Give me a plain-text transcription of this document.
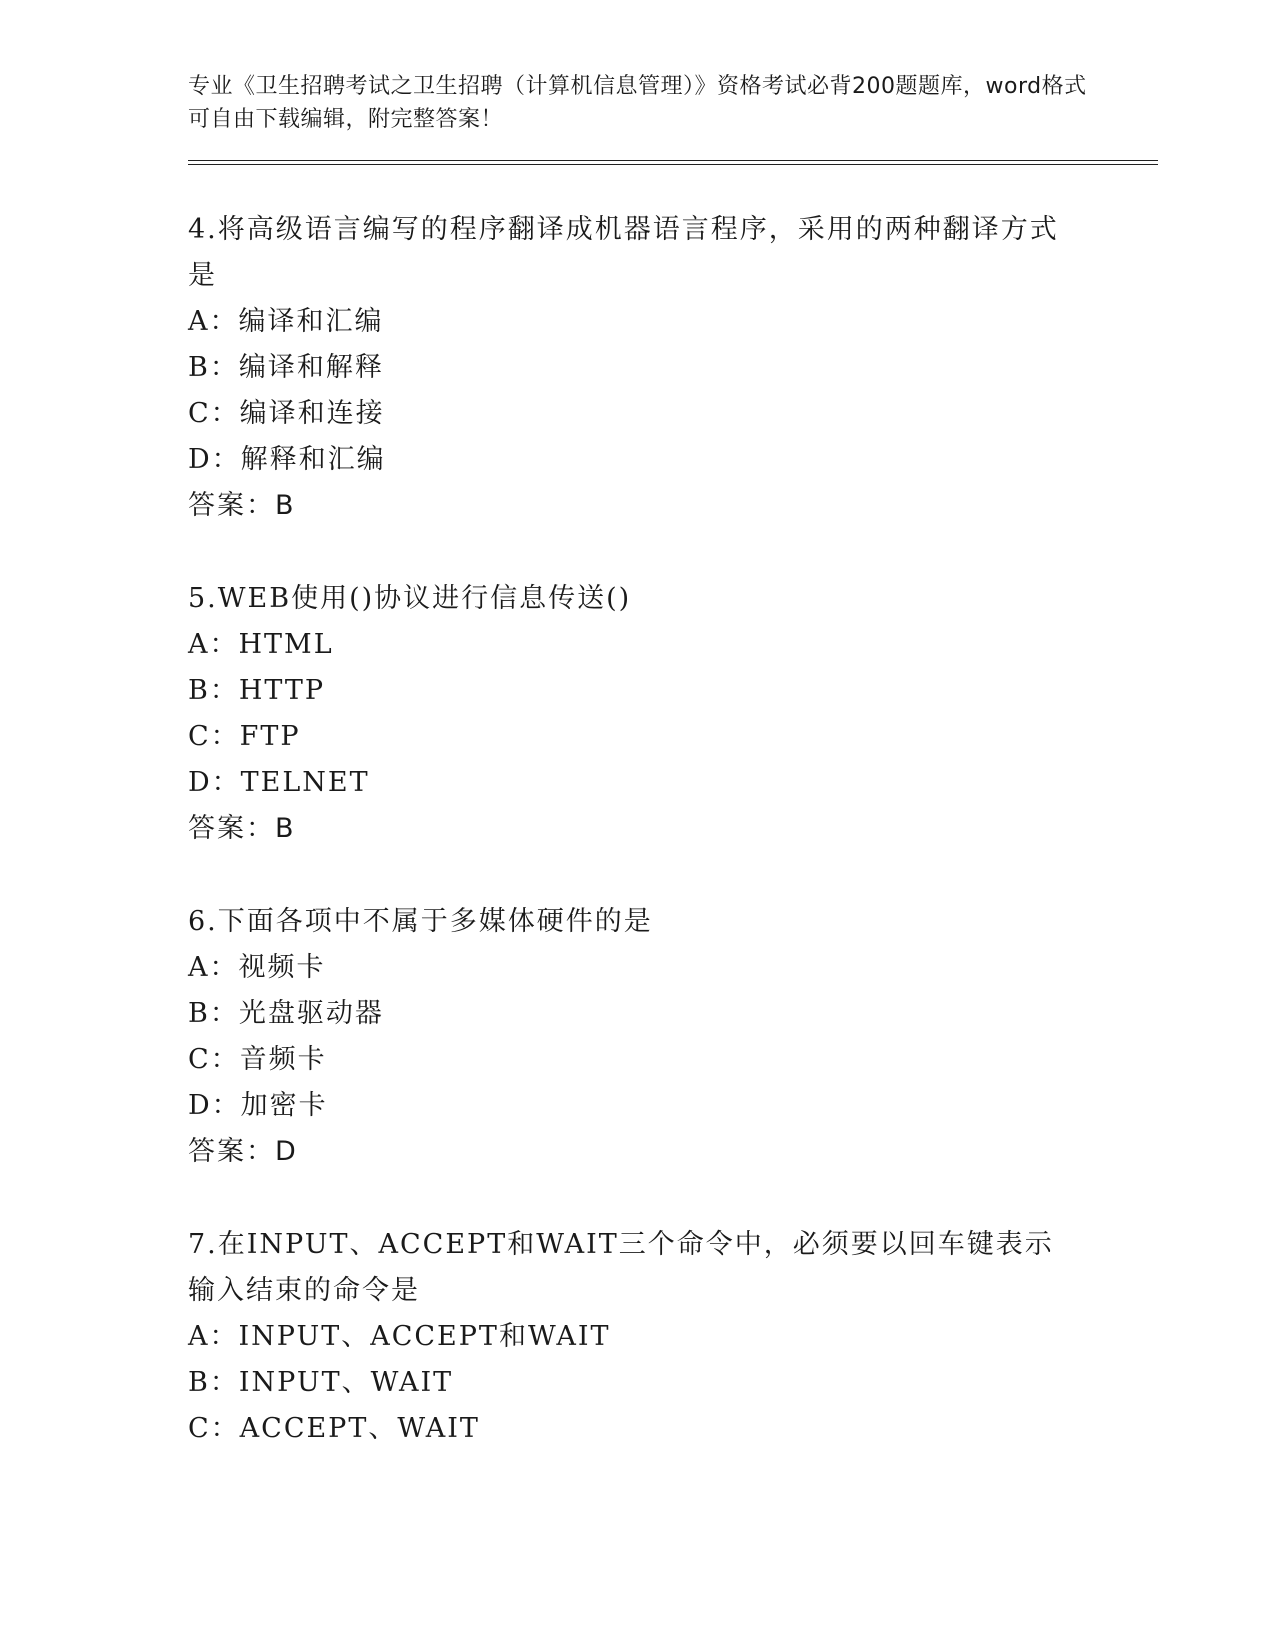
专业《卫生招聘考试之卫生招聘（计算机信息管理）》资格考试必背200题题库，word格式可自由下载编辑，附完整答案！

4.将高级语言编写的程序翻译成机器语言程序，采用的两种翻译方式是

A：编译和汇编

B：编译和解释

C：编译和连接

D：解释和汇编

答案：B

5.WEB使用()协议进行信息传送()

A：HTML

B：HTTP

C：FTP

D：TELNET

答案：B

6.下面各项中不属于多媒体硬件的是

A：视频卡

B：光盘驱动器

C：音频卡

D：加密卡

答案：D

7.在INPUT、ACCEPT和WAIT三个命令中，必须要以回车键表示输入结束的命令是

A：INPUT、ACCEPT和WAIT

B：INPUT、WAIT

C：ACCEPT、WAIT
